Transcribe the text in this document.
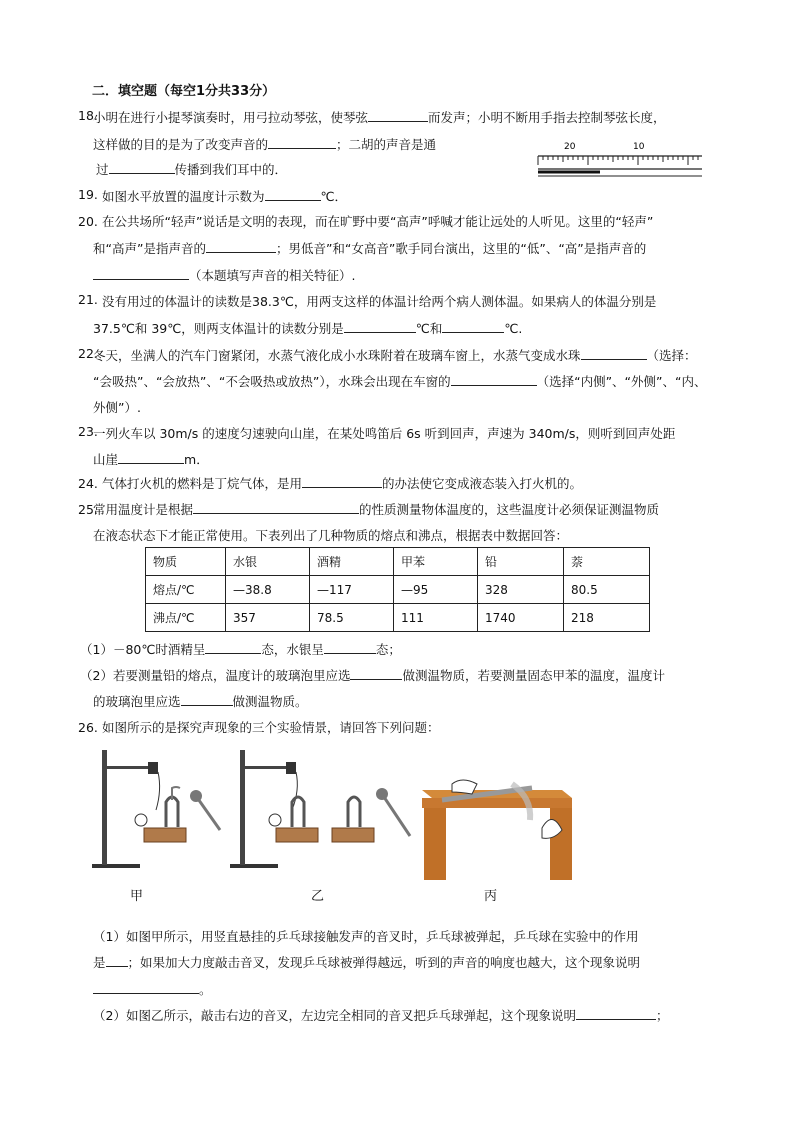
二．填空题（每空1分共33分）
18.
小明在进行小提琴演奏时，用弓拉动琴弦，使琴弦	而发声；小明不断用手指去控制琴弦长度，
这样做的目的是为了改变声音的	；二胡的声音是通
过	传播到我们耳中的．
20	10
19. 如图水平放置的温度计示数为	℃．
20. 在公共场所“轻声”说话是文明的表现，而在旷野中要“高声”呼喊才能让远处的人听见。这里的“轻声”
和“高声”是指声音的	；男低音”和“女高音”歌手同台演出，这里的“低”、“高”是指声音的
（本题填写声音的相关特征）.
21. 没有用过的体温计的读数是38.3℃，用两支这样的体温计给两个病人测体温。如果病人的体温分别是
37.5℃和 39℃，则两支体温计的读数分别是	℃和	℃.
22.
冬天，坐满人的汽车门窗紧闭，水蒸气液化成小水珠附着在玻璃车窗上，水蒸气变成水珠	（选择：
“会吸热”、“会放热”、“不会吸热或放热”），水珠会出现在车窗的	（选择“内侧”、“外侧”、“内、
外侧”）.
23.
一列火车以 30m/s 的速度匀速驶向山崖，在某处鸣笛后 6s 听到回声，声速为 340m/s，则听到回声处距
山崖	m．
24. 气体打火机的燃料是丁烷气体，是用	的办法使它变成液态装入打火机的。
25.
常用温度计是根据	的性质测量物体温度的，这些温度计必须保证测温物质
在液态状态下才能正常使用。下表列出了几种物质的熔点和沸点，根据表中数据回答：
物质	水银	酒精	甲苯	铅	萘
熔点/℃	—38.8	—117	—95	328	80.5
沸点/℃	357	78.5	111	1740	218
（1）－80℃时酒精呈	态，水银呈	态；
（2）若要测量铅的熔点，温度计的玻璃泡里应选	做测温物质，若要测量固态甲苯的温度，温度计
的玻璃泡里应选	做测温物质。
26. 如图所示的是探究声现象的三个实验情景，请回答下列问题：
甲	乙	丙
（1）如图甲所示，用竖直悬挂的乒乓球接触发声的音叉时，乒乓球被弹起，乒乓球在实验中的作用
是 ；如果加大力度敲击音叉，发现乒乓球被弹得越远，听到的声音的响度也越大，这个现象说明
。
（2）如图乙所示，敲击右边的音叉，左边完全相同的音叉把乒乓球弹起，这个现象说明	；
